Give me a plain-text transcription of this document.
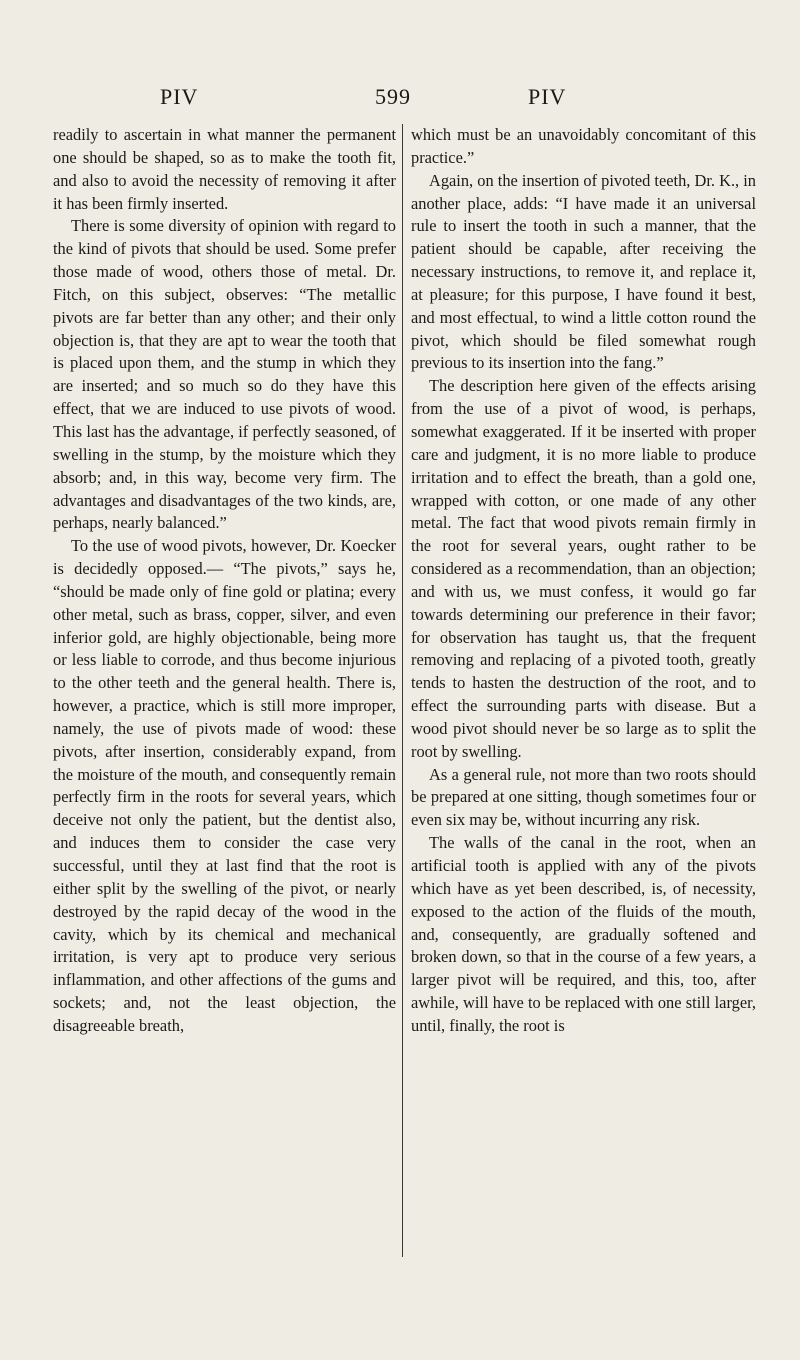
PIV	599	PIV

readily to ascertain in what manner the permanent one should be shaped, so as to make the tooth fit, and also to avoid the necessity of removing it after it has been firmly inserted.

There is some diversity of opinion with regard to the kind of pivots that should be used. Some prefer those made of wood, others those of metal. Dr. Fitch, on this subject, observes: “The metallic pivots are far better than any other; and their only objection is, that they are apt to wear the tooth that is placed upon them, and the stump in which they are inserted; and so much so do they have this effect, that we are induced to use pivots of wood. This last has the advantage, if perfectly seasoned, of swelling in the stump, by the moisture which they absorb; and, in this way, become very firm. The advantages and disadvantages of the two kinds, are, perhaps, nearly balanced.”

To the use of wood pivots, however, Dr. Koecker is decidedly opposed.— “The pivots,” says he, “should be made only of fine gold or platina; every other metal, such as brass, copper, silver, and even inferior gold, are highly objectionable, being more or less liable to corrode, and thus become injurious to the other teeth and the general health. There is, however, a practice, which is still more improper, namely, the use of pivots made of wood: these pivots, after insertion, considerably expand, from the moisture of the mouth, and consequently remain perfectly firm in the roots for several years, which deceive not only the patient, but the dentist also, and induces them to consider the case very successful, until they at last find that the root is either split by the swelling of the pivot, or nearly destroyed by the rapid decay of the wood in the cavity, which by its chemical and mechanical irritation, is very apt to produce very serious inflammation, and other affections of the gums and sockets; and, not the least objection, the disagreeable breath,

which must be an unavoidably concomitant of this practice.”

Again, on the insertion of pivoted teeth, Dr. K., in another place, adds: “I have made it an universal rule to insert the tooth in such a manner, that the patient should be capable, after receiving the necessary instructions, to remove it, and replace it, at pleasure; for this purpose, I have found it best, and most effectual, to wind a little cotton round the pivot, which should be filed somewhat rough previous to its insertion into the fang.”

The description here given of the effects arising from the use of a pivot of wood, is perhaps, somewhat exaggerated. If it be inserted with proper care and judgment, it is no more liable to produce irritation and to effect the breath, than a gold one, wrapped with cotton, or one made of any other metal. The fact that wood pivots remain firmly in the root for several years, ought rather to be considered as a recommendation, than an objection; and with us, we must confess, it would go far towards determining our preference in their favor; for observation has taught us, that the frequent removing and replacing of a pivoted tooth, greatly tends to hasten the destruction of the root, and to effect the surrounding parts with disease. But a wood pivot should never be so large as to split the root by swelling.

As a general rule, not more than two roots should be prepared at one sitting, though sometimes four or even six may be, without incurring any risk.

The walls of the canal in the root, when an artificial tooth is applied with any of the pivots which have as yet been described, is, of necessity, exposed to the action of the fluids of the mouth, and, consequently, are gradually softened and broken down, so that in the course of a few years, a larger pivot will be required, and this, too, after awhile, will have to be replaced with one still larger, until, finally, the root is
